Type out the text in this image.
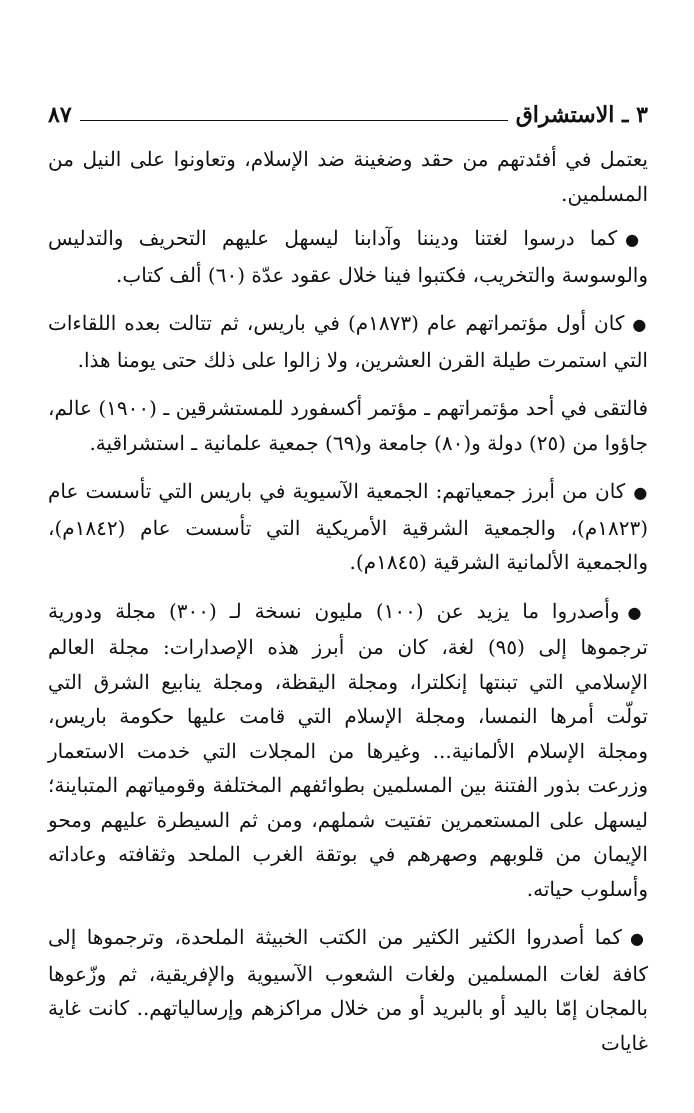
٣ ـ الاستشراق
٨٧

يعتمل في أفئدتهم من حقد وضغينة ضد الإسلام، وتعاونوا على النيل من المسلمين.

●كما درسوا لغتنا وديننا وآدابنا ليسهل عليهم التحريف والتدليس والوسوسة والتخريب، فكتبوا فينا خلال عقود عدّة (٦٠) ألف كتاب.

●كان أول مؤتمراتهم عام (١٨٧٣م) في باريس، ثم تتالت بعده اللقاءات التي استمرت طيلة القرن العشرين، ولا زالوا على ذلك حتى يومنا هذا.

فالتقى في أحد مؤتمراتهم ـ مؤتمر أكسفورد للمستشرقين ـ (١٩٠٠) عالم، جاؤوا من (٢٥) دولة و(٨٠) جامعة و(٦٩) جمعية علمانية ـ استشراقية.

●كان من أبرز جمعياتهم: الجمعية الآسيوية في باريس التي تأسست عام (١٨٢٣م)، والجمعية الشرقية الأمريكية التي تأسست عام (١٨٤٢م)، والجمعية الألمانية الشرقية (١٨٤٥م).

●وأصدروا ما يزيد عن (١٠٠) مليون نسخة لـ (٣٠٠) مجلة ودورية ترجموها إلى (٩٥) لغة، كان من أبرز هذه الإصدارات: مجلة العالم الإسلامي التي تبنتها إنكلترا، ومجلة اليقظة، ومجلة ينابيع الشرق التي تولّت أمرها النمسا، ومجلة الإسلام التي قامت عليها حكومة باريس، ومجلة الإسلام الألمانية... وغيرها من المجلات التي خدمت الاستعمار وزرعت بذور الفتنة بين المسلمين بطوائفهم المختلفة وقومياتهم المتباينة؛ ليسهل على المستعمرين تفتيت شملهم، ومن ثم السيطرة عليهم ومحو الإيمان من قلوبهم وصهرهم في بوتقة الغرب الملحد وثقافته وعاداته وأسلوب حياته.

●كما أصدروا الكثير الكثير من الكتب الخبيثة الملحدة، وترجموها إلى كافة لغات المسلمين ولغات الشعوب الآسيوية والإفريقية، ثم وزّعوها بالمجان إمّا باليد أو بالبريد أو من خلال مراكزهم وإرسالياتهم.. كانت غاية غايات
